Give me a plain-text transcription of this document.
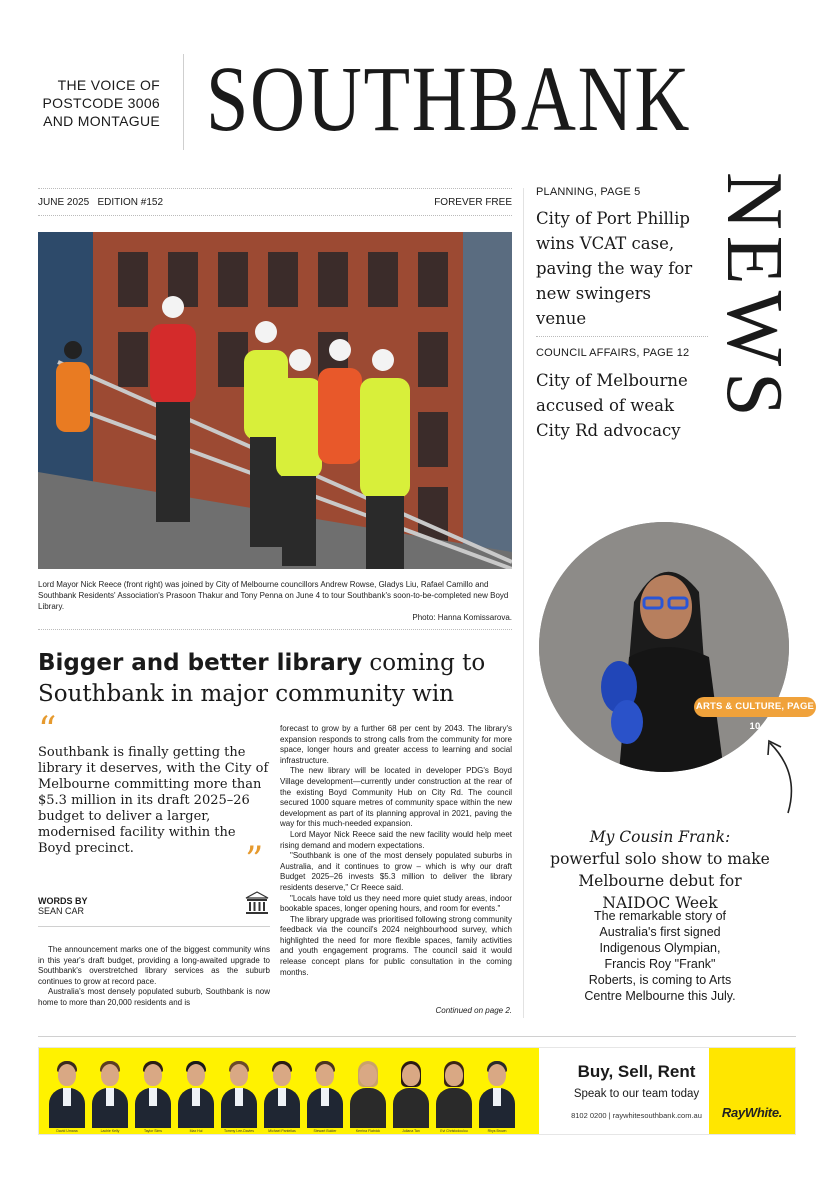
THE VOICE OF
POSTCODE 3006
AND MONTAGUE SOUTHBANK
NEWS
JUNE 2025   EDITION #152	FOREVER FREE
Lord Mayor Nick Reece (front right) was joined by City of Melbourne councillors Andrew Rowse, Gladys Liu, Rafael Camillo and Southbank Residents' Association's Prasoon Thakur and Tony Penna on June 4 to tour Southbank's soon-to-be-completed new Boyd Library.
Photo: Hanna Komissarova.
Bigger and better library coming to Southbank in major community win
“
Southbank is finally getting the library it deserves, with the City of Melbourne committing more than $5.3 million in its draft 2025–26 budget to deliver a larger, modernised facility within the Boyd precinct.	”
WORDS BY
SEAN CAR

The announcement marks one of the biggest community wins in this year's draft budget, providing a long-awaited upgrade to Southbank's overstretched library services as the suburb continues to grow at record pace.

Australia's most densely populated suburb, Southbank is now home to more than 20,000 residents and is

forecast to grow by a further 68 per cent by 2043. The library's expansion responds to strong calls from the community for more space, longer hours and greater access to learning and social infrastructure.

The new library will be located in developer PDG's Boyd Village development—currently under construction at the rear of the existing Boyd Community Hub on City Rd. The council secured 1000 square metres of community space within the new development as part of its planning approval in 2021, paving the way for this much-needed expansion.

Lord Mayor Nick Reece said the new facility would help meet rising demand and modern expectations.

"Southbank is one of the most densely populated suburbs in Australia, and it continues to grow – which is why our draft Budget 2025–26 invests $5.3 million to deliver the library residents deserve," Cr Reece said.

"Locals have told us they need more quiet study areas, indoor bookable spaces, longer opening hours, and room for events."

The library upgrade was prioritised following strong community feedback via the council's 2024 neighbourhood survey, which highlighted the need for more flexible spaces, family activities and youth engagement programs. The council said it would release concept plans for public consultation in the coming months.

Continued on page 2.
PLANNING, PAGE 5
City of Port Phillip wins VCAT case, paving the way for new swingers venue
COUNCIL AFFAIRS, PAGE 12
City of Melbourne accused of weak City Rd advocacy
ARTS & CULTURE, PAGE 10
My Cousin Frank:
powerful solo show to make Melbourne debut for NAIDOC Week
The remarkable story of Australia's first signed Indigenous Olympian, Francis Roy "Frank" Roberts, is coming to Arts Centre Melbourne this July.
David Umana	Lachie Kelly	Taylor Sims	Max Hui	Tommy Lee-Davies	Michael Pantelias	Stewart Bulder	Kerrina Flatnick	Juliana Tan	Evi Christodoulou	Rhys Brown
Buy, Sell, Rent
Speak to our team today
8102 0200 | raywhitesouthbank.com.au	RayWhite.
